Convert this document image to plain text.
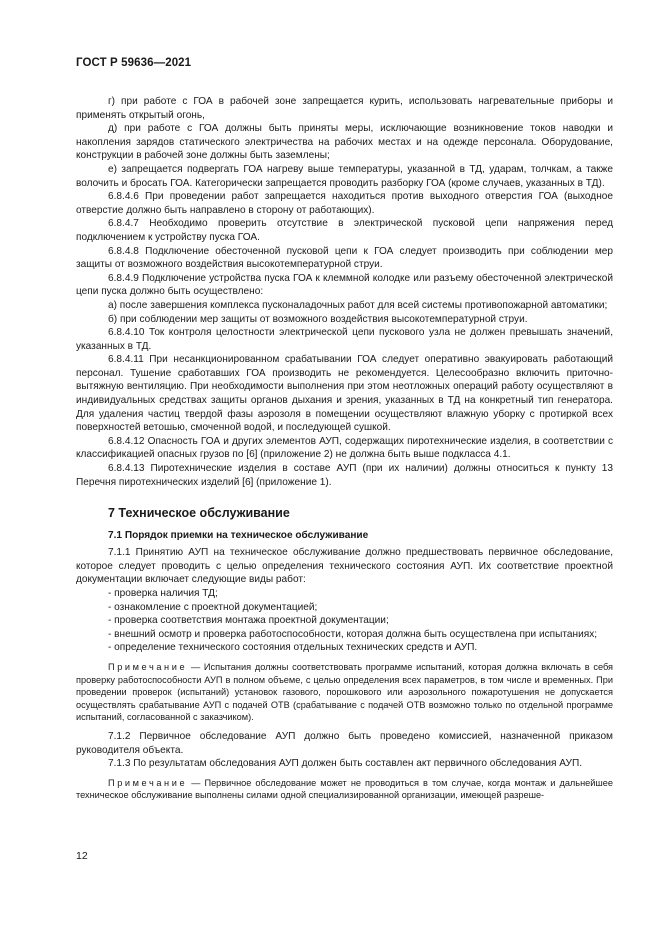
ГОСТ Р 59636—2021

г) при работе с ГОА в рабочей зоне запрещается курить, использовать нагревательные приборы и применять открытый огонь,

д) при работе с ГОА должны быть приняты меры, исключающие возникновение токов наводки и накопления зарядов статического электричества на рабочих местах и на одежде персонала. Оборудование, конструкции в рабочей зоне должны быть заземлены;

е) запрещается подвергать ГОА нагреву выше температуры, указанной в ТД, ударам, толчкам, а также волочить и бросать ГОА. Категорически запрещается проводить разборку ГОА (кроме случаев, указанных в ТД).

6.8.4.6 При проведении работ запрещается находиться против выходного отверстия ГОА (выходное отверстие должно быть направлено в сторону от работающих).

6.8.4.7 Необходимо проверить отсутствие в электрической пусковой цепи напряжения перед подключением к устройству пуска ГОА.

6.8.4.8 Подключение обесточенной пусковой цепи к ГОА следует производить при соблюдении мер защиты от возможного воздействия высокотемпературной струи.

6.8.4.9 Подключение устройства пуска ГОА к клеммной колодке или разъему обесточенной электрической цепи пуска должно быть осуществлено:

а) после завершения комплекса пусконаладочных работ для всей системы противопожарной автоматики;

б) при соблюдении мер защиты от возможного воздействия высокотемпературной струи.

6.8.4.10 Ток контроля целостности электрической цепи пускового узла не должен превышать значений, указанных в ТД.

6.8.4.11 При несанкционированном срабатывании ГОА следует оперативно эвакуировать работающий персонал. Тушение сработавших ГОА производить не рекомендуется. Целесообразно включить приточно-вытяжную вентиляцию. При необходимости выполнения при этом неотложных операций работу осуществляют в индивидуальных средствах защиты органов дыхания и зрения, указанных в ТД на конкретный тип генератора. Для удаления частиц твердой фазы аэрозоля в помещении осуществляют влажную уборку с протиркой всех поверхностей ветошью, смоченной водой, и последующей сушкой.

6.8.4.12 Опасность ГОА и других элементов АУП, содержащих пиротехнические изделия, в соответствии с классификацией опасных грузов по [6] (приложение 2) не должна быть выше подкласса 4.1.

6.8.4.13 Пиротехнические изделия в составе АУП (при их наличии) должны относиться к пункту 13 Перечня пиротехнических изделий [6] (приложение 1).

7 Техническое обслуживание
7.1 Порядок приемки на техническое обслуживание

7.1.1 Принятию АУП на техническое обслуживание должно предшествовать первичное обследование, которое следует проводить с целью определения технического состояния АУП. Их соответствие проектной документации включает следующие виды работ:

- проверка наличия ТД;

- ознакомление с проектной документацией;

- проверка соответствия монтажа проектной документации;

- внешний осмотр и проверка работоспособности, которая должна быть осуществлена при испытаниях;

- определение технического состояния отдельных технических средств и АУП.

Примечание — Испытания должны соответствовать программе испытаний, которая должна включать в себя проверку работоспособности АУП в полном объеме, с целью определения всех параметров, в том числе и временных. При проведении проверок (испытаний) установок газового, порошкового или аэрозольного пожаротушения не допускается осуществлять срабатывание АУП с подачей ОТВ (срабатывание с подачей ОТВ возможно только по отдельной программе испытаний, согласованной с заказчиком).

7.1.2 Первичное обследование АУП должно быть проведено комиссией, назначенной приказом руководителя объекта.

7.1.3 По результатам обследования АУП должен быть составлен акт первичного обследования АУП.

Примечание — Первичное обследование может не проводиться в том случае, когда монтаж и дальнейшее техническое обслуживание выполнены силами одной специализированной организации, имеющей разреше-

12
